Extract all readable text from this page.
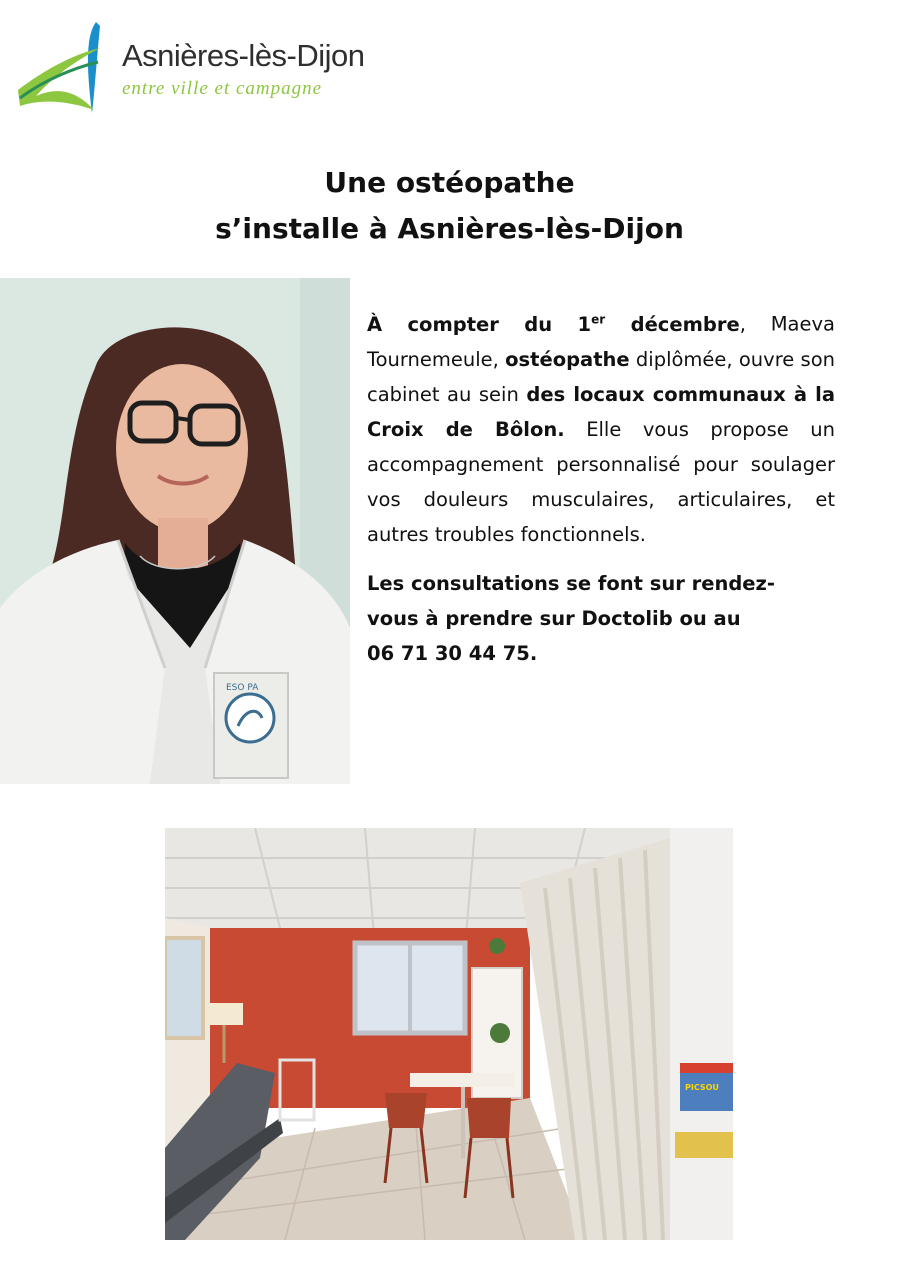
Asnières-lès-Dijon
entre ville et campagne
Une ostéopathe
s’installe à Asnières-lès-Dijon
ESO PA

À compter du 1er décembre, Maeva Tournemeule, ostéopathe diplômée, ouvre son cabinet au sein des locaux communaux à la Croix de Bôlon. Elle vous propose un accompagnement personnalisé pour soulager vos douleurs musculaires, articulaires, et autres troubles fonctionnels.

Les consultations se font sur rendez-
vous à prendre sur Doctolib ou au
06 71 30 44 75.

PICSOU
